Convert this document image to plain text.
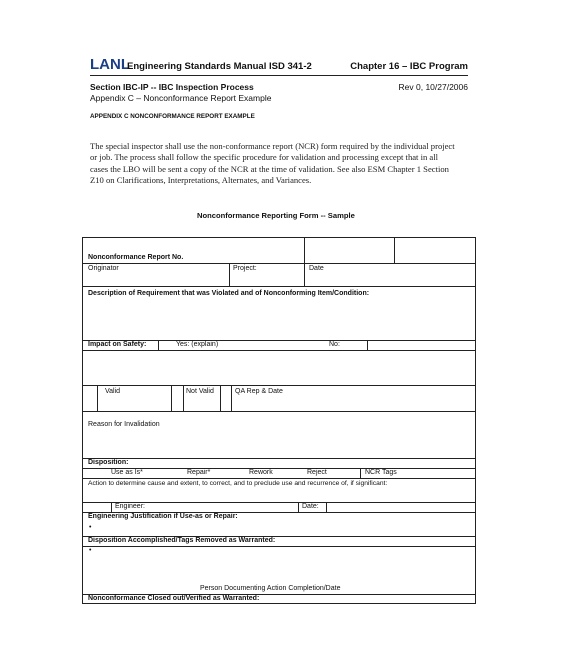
LANL
Engineering Standards Manual ISD 341-2	Chapter 16 – IBC Program
Section IBC-IP -- IBC Inspection Process	Rev 0, 10/27/2006
Appendix C – Nonconformance Report Example
APPENDIX C NONCONFORMANCE REPORT EXAMPLE
The special inspector shall use the non-conformance report (NCR) form required by the individual project
or job. The process shall follow the specific procedure for validation and processing except that in all
cases the LBO will be sent a copy of the NCR at the time of validation. See also ESM Chapter 1 Section
Z10 on Clarifications, Interpretations, Alternates, and Variances.
Nonconformance Reporting Form -- Sample
Nonconformance Report No.
Originator	Project:	Date
Description of Requirement that was Violated and of Nonconforming Item/Condition:
Impact on Safety:	Yes: (explain)	No:
Valid	Not Valid	QA Rep & Date
Reason for Invalidation
Disposition:
Use as Is*	Repair*	Rework	Reject	NCR Tags
Action to determine cause and extent, to correct, and to preclude use and recurrence of, if significant:
Engineer:	Date:
Engineering Justification if Use-as or Repair:
•
Disposition Accomplished/Tags Removed as Warranted:
•
Person Documenting Action Completion/Date
Nonconformance Closed out/Verified as Warranted:
